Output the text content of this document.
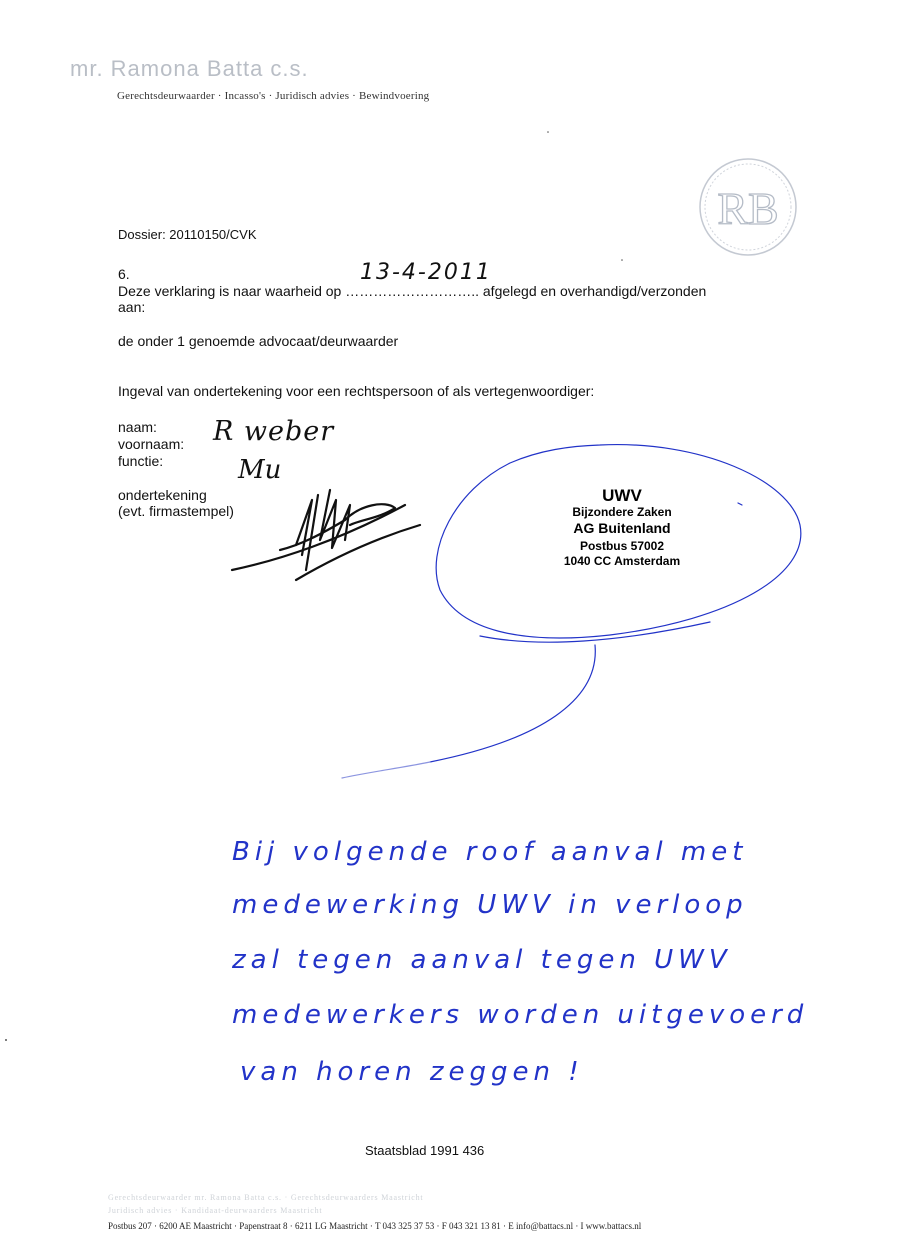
mr. Ramona Batta c.s.
Gerechtsdeurwaarder · Incasso's · Juridisch advies · Bewindvoering
Dossier: 20110150/CVK
6.
Deze verklaring is naar waarheid op ……………………….. afgelegd en overhandigd/verzonden
aan:
de onder 1 genoemde advocaat/deurwaarder
Ingeval van ondertekening voor een rechtspersoon of als vertegenwoordiger:
naam:
voornaam:
functie:
ondertekening
(evt. firmastempel)
UWV
Bijzondere Zaken
AG Buitenland
Postbus 57002
1040 CC Amsterdam
Staatsblad 1991 436
Gerechtsdeurwaarder mr. Ramona Batta c.s. · Gerechtsdeurwaarders Maastricht
Juridisch advies · Kandidaat-deurwaarders Maastricht
Postbus 207 · 6200 AE Maastricht · Papenstraat 8 · 6211 LG Maastricht · T 043 325 37 53 · F 043 321 13 81 · E info@battacs.nl · I www.battacs.nl
RB
13-4-2011
R weber
Mu
Bij volgende roof aanval met
medewerking UWV in verloop
zal tegen aanval tegen UWV
medewerkers worden uitgevoerd
van horen zeggen !
